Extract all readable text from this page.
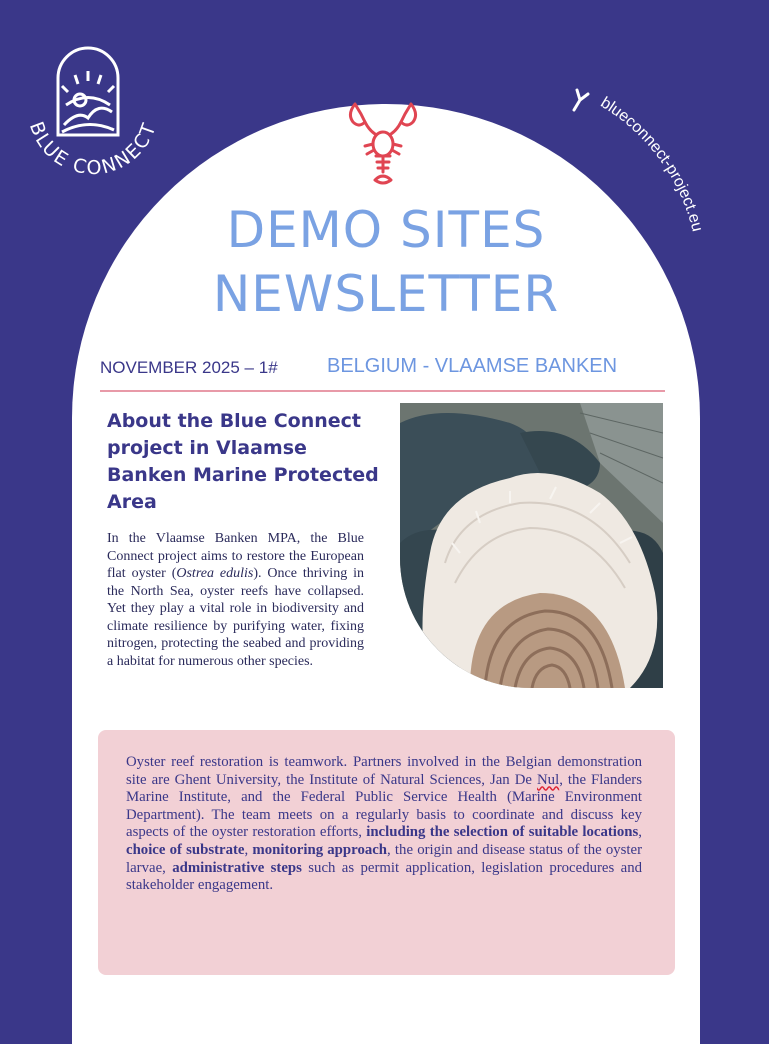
BLUE CONNECT
blueconnect-project.eu
DEMO SITES
NEWSLETTER
NOVEMBER 2025 – 1# BELGIUM - VLAAMSE BANKEN
About the Blue Connect project in Vlaamse Banken Marine Protected Area

In the Vlaamse Banken MPA, the Blue Connect project aims to restore the European flat oyster (Ostrea edulis). Once thriving in the North Sea, oyster reefs have collapsed. Yet they play a vital role in biodiversity and climate resilience by purifying water, fixing nitrogen, protecting the seabed and providing a habitat for numerous other species.

Oyster reef restoration is teamwork. Partners involved in the Belgian demonstration site are Ghent University, the Institute of Natural Sciences, Jan De Nul, the Flanders Marine Institute, and the Federal Public Service Health (Marine Environment Department). The team meets on a regularly basis to coordinate and discuss key aspects of the oyster restoration efforts, including the selection of suitable locations, choice of substrate, monitoring approach, the origin and disease status of the oyster larvae, administrative steps such as permit application, legislation procedures and stakeholder engagement.
